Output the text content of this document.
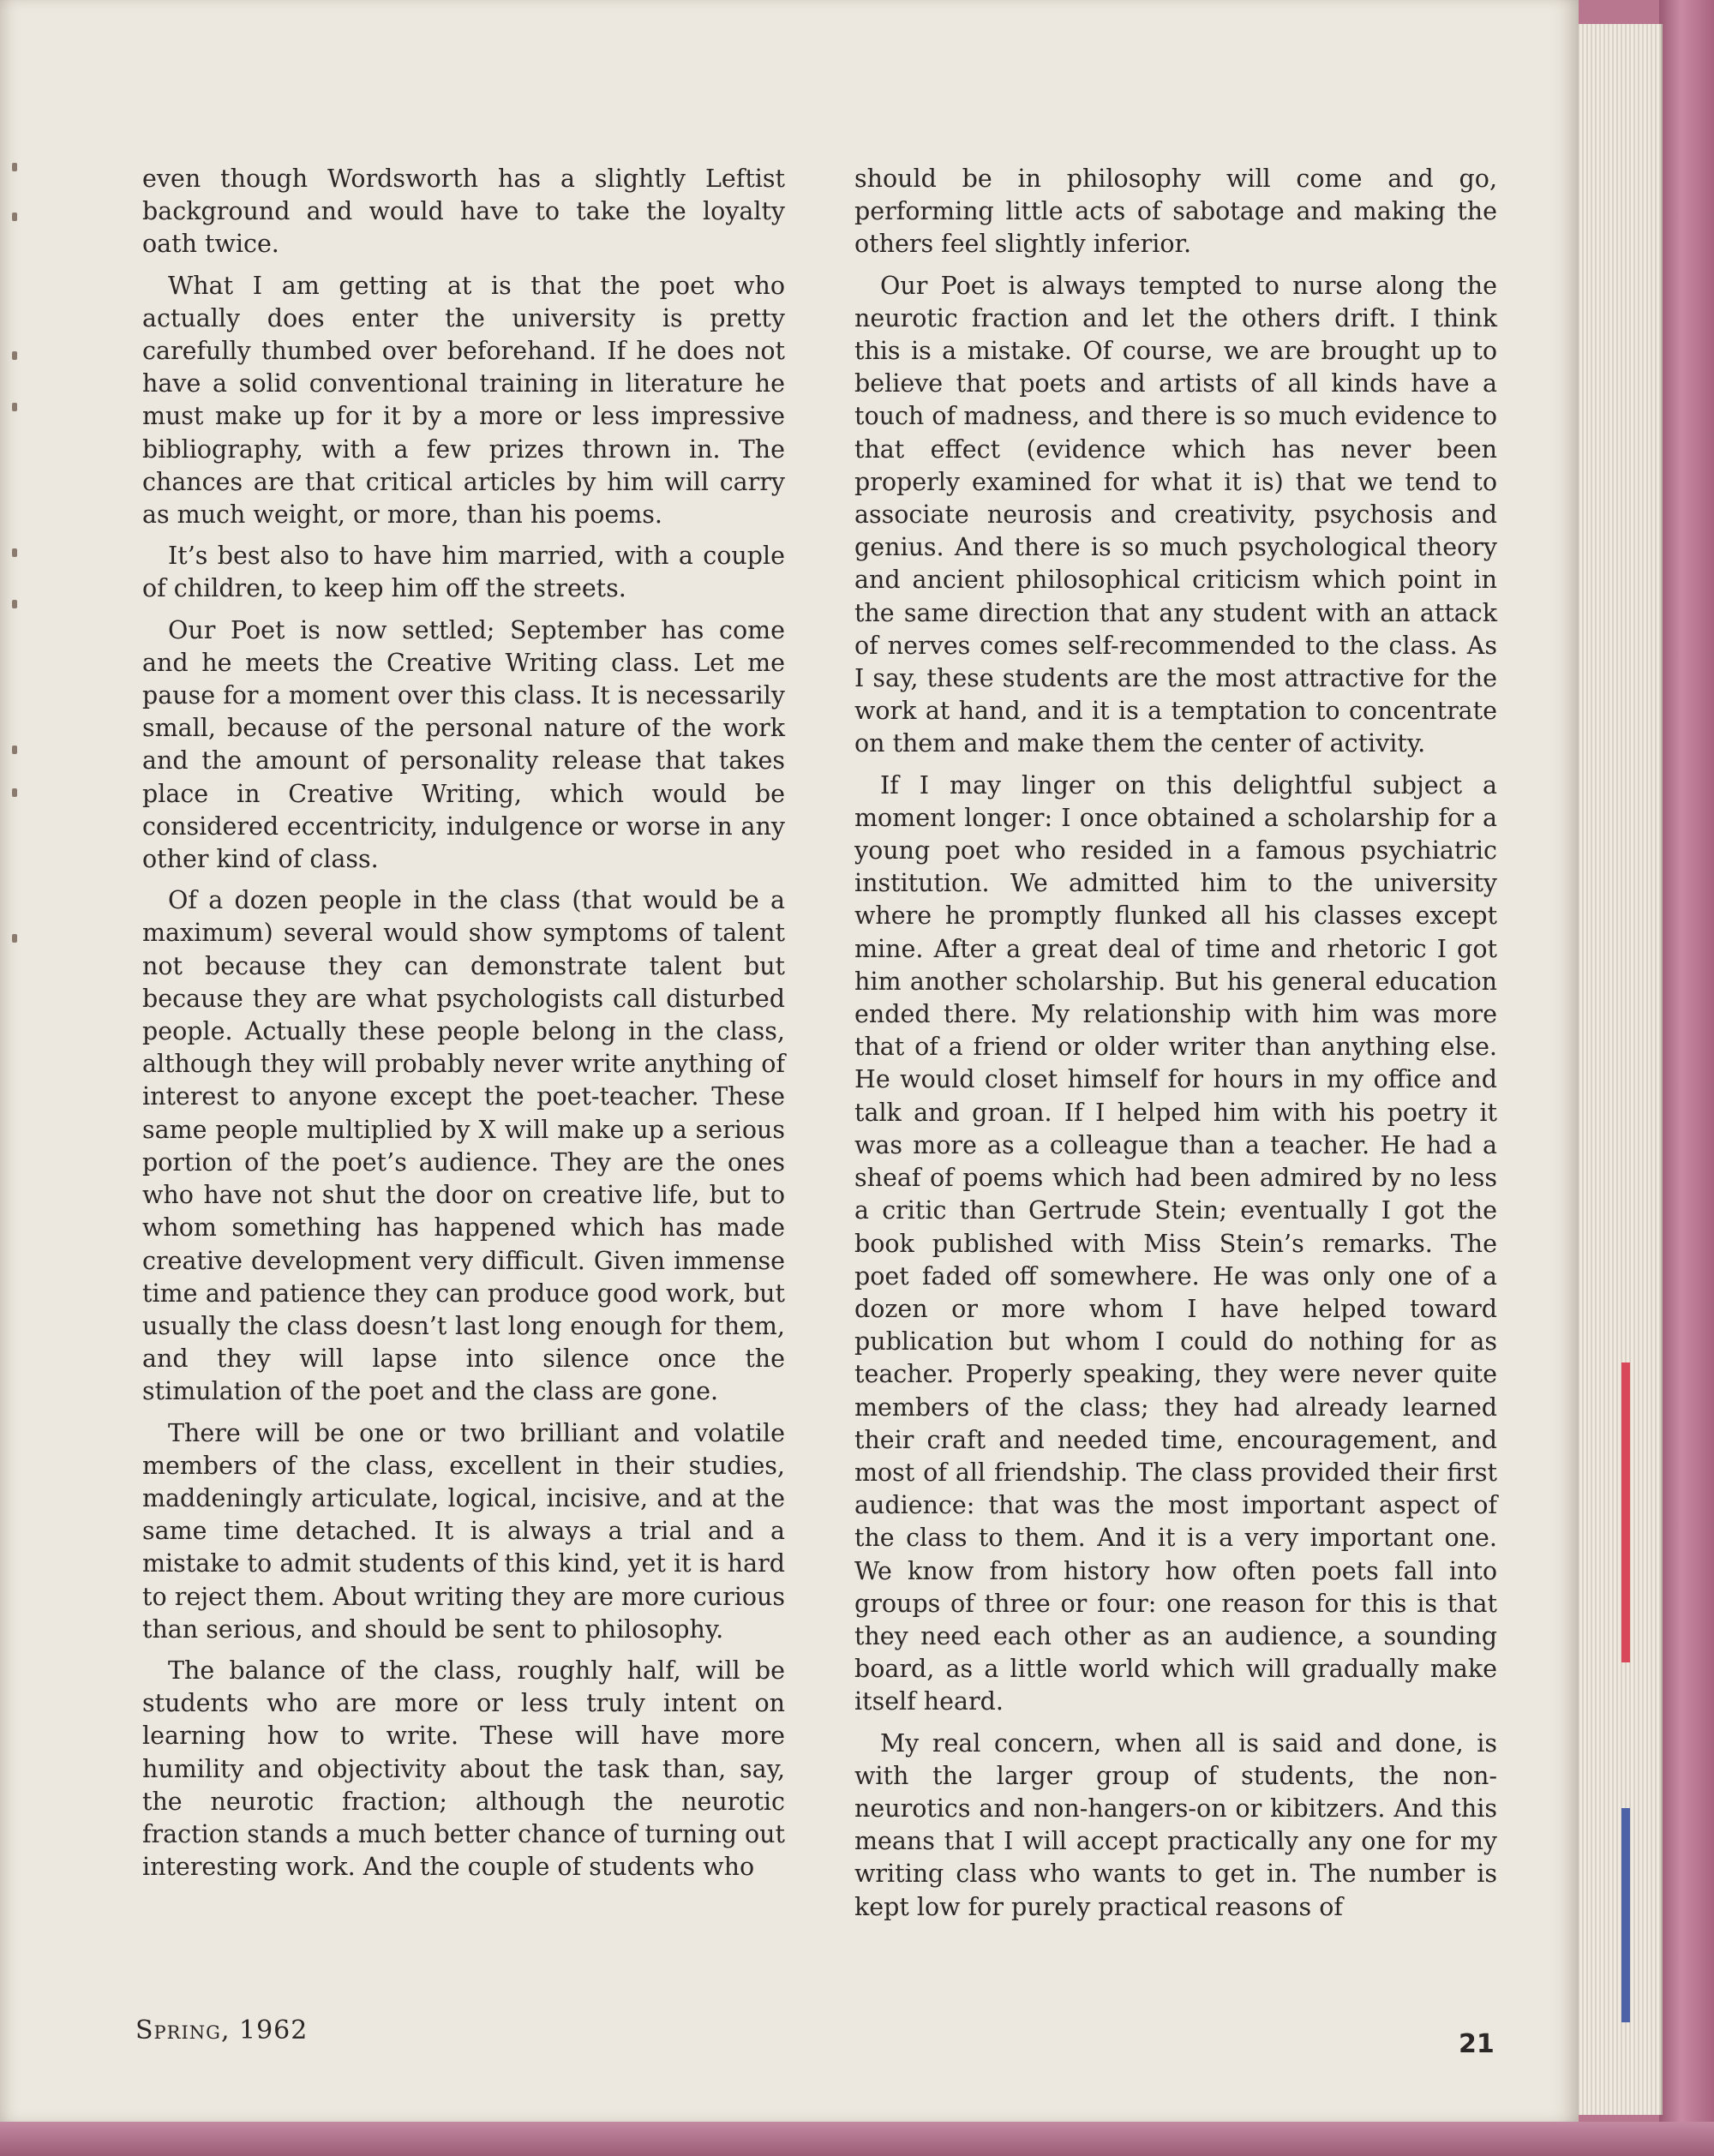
even though Wordsworth has a slightly Leftist background and would have to take the loyalty oath twice.

What I am getting at is that the poet who actually does enter the university is pretty carefully thumbed over beforehand. If he does not have a solid conventional training in literature he must make up for it by a more or less impressive bibliography, with a few prizes thrown in. The chances are that critical articles by him will carry as much weight, or more, than his poems.

It’s best also to have him married, with a couple of children, to keep him off the streets.

Our Poet is now settled; September has come and he meets the Creative Writing class. Let me pause for a moment over this class. It is necessarily small, because of the personal nature of the work and the amount of personality release that takes place in Creative Writing, which would be considered eccentricity, indulgence or worse in any other kind of class.

Of a dozen people in the class (that would be a maximum) several would show symptoms of talent not because they can demonstrate talent but because they are what psychologists call disturbed people. Actually these people belong in the class, although they will probably never write anything of interest to anyone except the poet-teacher. These same people multiplied by X will make up a serious portion of the poet’s audience. They are the ones who have not shut the door on creative life, but to whom something has happened which has made creative development very difficult. Given immense time and patience they can produce good work, but usually the class doesn’t last long enough for them, and they will lapse into silence once the stimulation of the poet and the class are gone.

There will be one or two brilliant and volatile members of the class, excellent in their studies, maddeningly articulate, logical, incisive, and at the same time detached. It is always a trial and a mistake to admit students of this kind, yet it is hard to reject them. About writing they are more curious than serious, and should be sent to philosophy.

The balance of the class, roughly half, will be students who are more or less truly intent on learning how to write. These will have more humility and objectivity about the task than, say, the neurotic fraction; although the neurotic fraction stands a much better chance of turning out interesting work. And the couple of students who

should be in philosophy will come and go, performing little acts of sabotage and making the others feel slightly inferior.

Our Poet is always tempted to nurse along the neurotic fraction and let the others drift. I think this is a mistake. Of course, we are brought up to believe that poets and artists of all kinds have a touch of madness, and there is so much evidence to that effect (evidence which has never been properly examined for what it is) that we tend to associate neurosis and creativity, psychosis and genius. And there is so much psychological theory and ancient philosophical criticism which point in the same direction that any student with an attack of nerves comes self-recommended to the class. As I say, these students are the most attractive for the work at hand, and it is a temptation to concentrate on them and make them the center of activity.

If I may linger on this delightful subject a moment longer: I once obtained a scholarship for a young poet who resided in a famous psychiatric institution. We admitted him to the university where he promptly flunked all his classes except mine. After a great deal of time and rhetoric I got him another scholarship. But his general education ended there. My relationship with him was more that of a friend or older writer than anything else. He would closet himself for hours in my office and talk and groan. If I helped him with his poetry it was more as a colleague than a teacher. He had a sheaf of poems which had been admired by no less a critic than Gertrude Stein; eventually I got the book published with Miss Stein’s remarks. The poet faded off somewhere. He was only one of a dozen or more whom I have helped toward publication but whom I could do nothing for as teacher. Properly speaking, they were never quite members of the class; they had already learned their craft and needed time, encouragement, and most of all friendship. The class provided their first audience: that was the most important aspect of the class to them. And it is a very important one. We know from history how often poets fall into groups of three or four: one reason for this is that they need each other as an audience, a sounding board, as a little world which will gradually make itself heard.

My real concern, when all is said and done, is with the larger group of students, the non-neurotics and non-hangers-on or kibitzers. And this means that I will accept practically any one for my writing class who wants to get in. The number is kept low for purely practical reasons of

Spring, 1962	21
